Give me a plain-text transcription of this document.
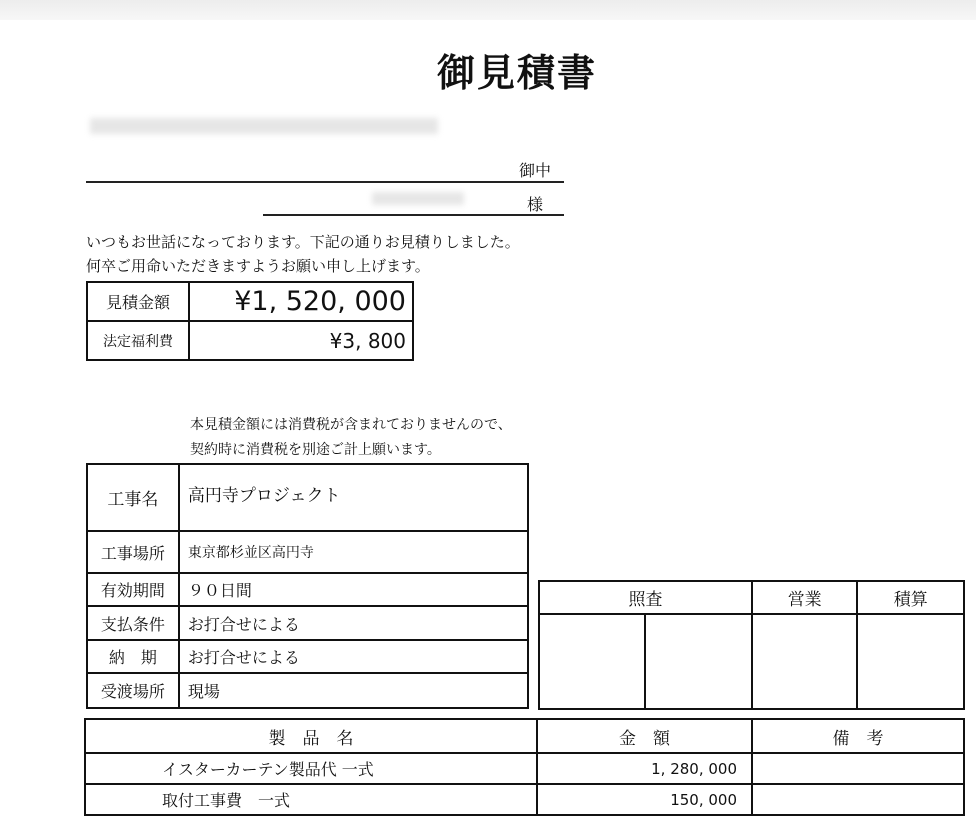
御見積書
御中
様
いつもお世話になっております。下記の通りお見積りしました。
何卒ご用命いただきますようお願い申し上げます。
見積金額	¥1, 520, 000
法定福利費	¥3, 800
本見積金額には消費税が含まれておりませんので、
契約時に消費税を別途ご計上願います。
工事名	高円寺プロジェクト
工事場所	東京都杉並区高円寺
有効期間	９０日間
支払条件	お打合せによる
納　期	お打合せによる
受渡場所	現場
照査		営業	積算

製　品　名	金　額	備　考
イスターカーテン製品代 一式	1, 280, 000	
取付工事費　一式	150, 000	
